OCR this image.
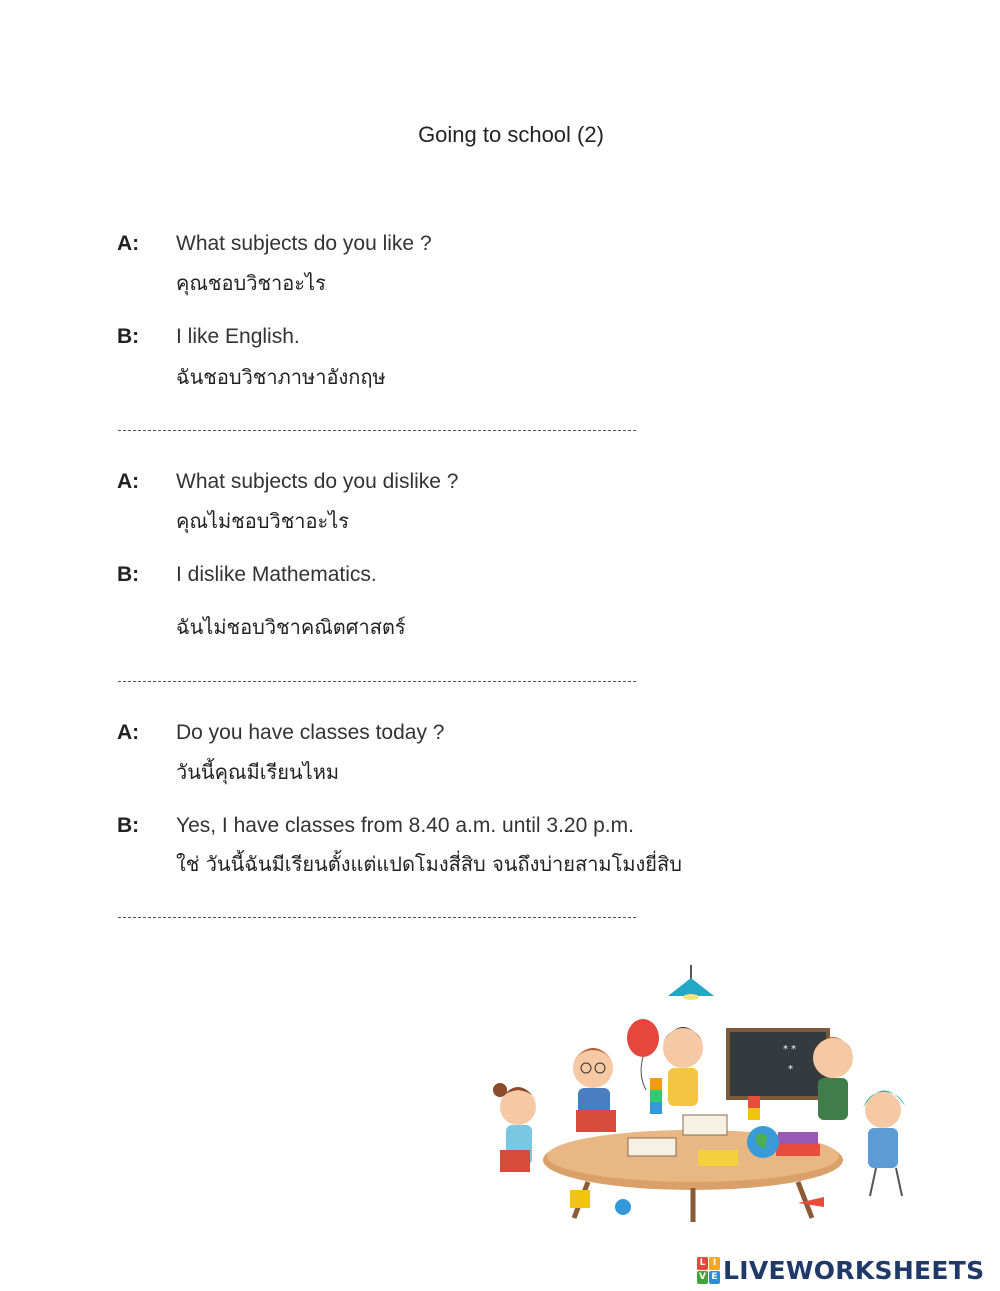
Going to school (2)
A: What subjects do you like ?
คุณชอบวิชาอะไร
B: I like English.
ฉันชอบวิชาภาษาอังกฤษ
A: What subjects do you dislike ?
คุณไม่ชอบวิชาอะไร
B: I dislike Mathematics.
ฉันไม่ชอบวิชาคณิตศาสตร์
A: Do you have classes today ?
วันนี้คุณมีเรียนไหม
B: Yes, I have classes from 8.40 a.m. until 3.20 p.m.
ใช่ วันนี้ฉันมีเรียนตั้งแต่แปดโมงสี่สิบ จนถึงบ่ายสามโมงยี่สิบ
* *
*
L I
V E LIVEWORKSHEETS
